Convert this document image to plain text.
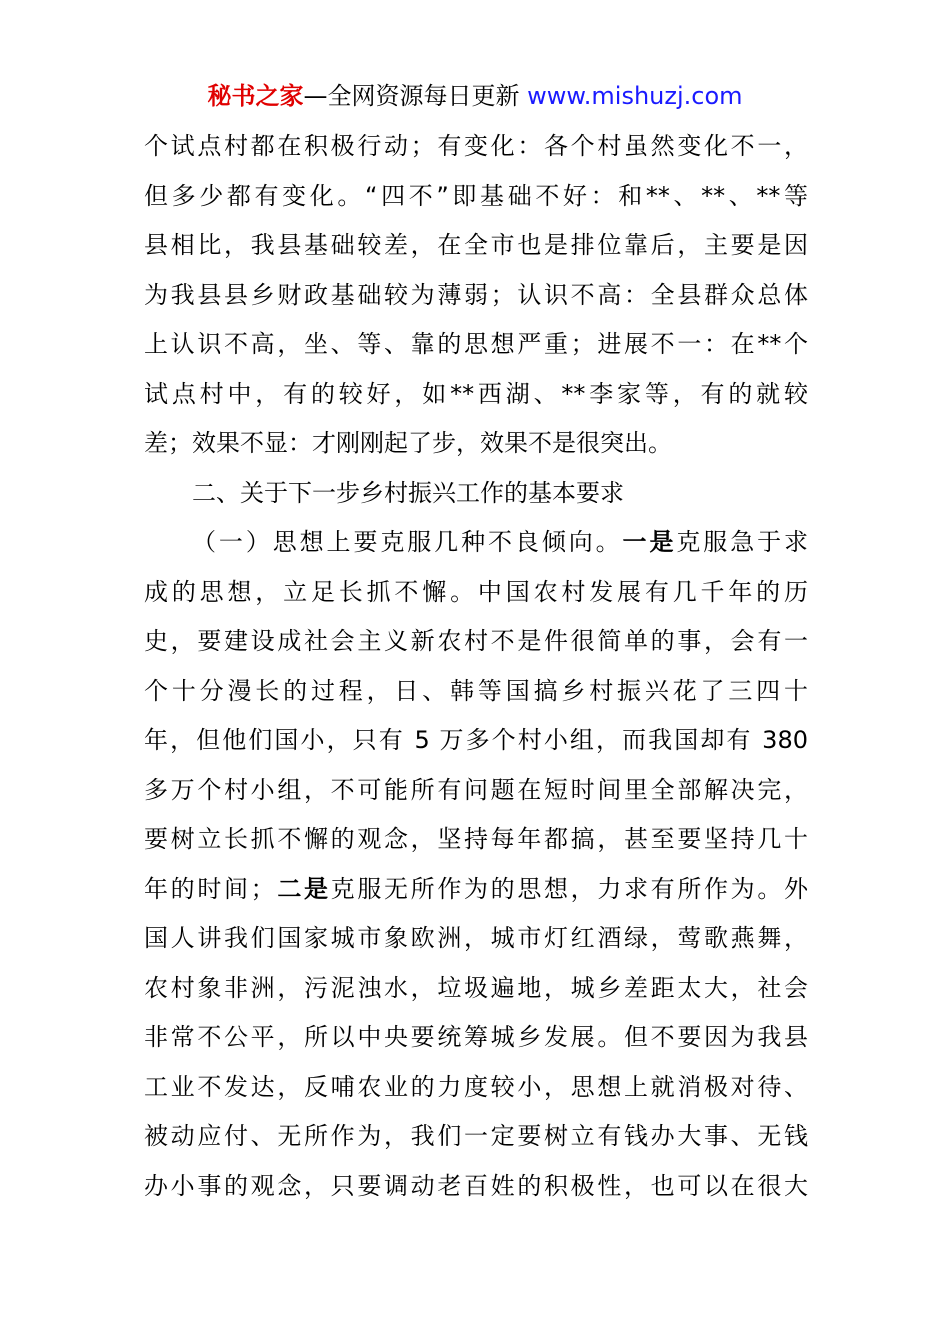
秘书之家—全网资源每日更新 www.mishuzj.com
个试点村都在积极行动；有变化：各个村虽然变化不一，
但多少都有变化。“四不”即基础不好：和**、**、**等
县相比，我县基础较差，在全市也是排位靠后，主要是因
为我县县乡财政基础较为薄弱；认识不高：全县群众总体
上认识不高，坐、等、靠的思想严重；进展不一：在**个
试点村中，有的较好，如**西湖、**李家等，有的就较
差；效果不显：才刚刚起了步，效果不是很突出。
二、关于下一步乡村振兴工作的基本要求
（一）思想上要克服几种不良倾向。一是克服急于求
成的思想，立足长抓不懈。中国农村发展有几千年的历
史，要建设成社会主义新农村不是件很简单的事，会有一
个十分漫长的过程，日、韩等国搞乡村振兴花了三四十
年，但他们国小，只有 5 万多个村小组，而我国却有 380
多万个村小组，不可能所有问题在短时间里全部解决完，
要树立长抓不懈的观念，坚持每年都搞，甚至要坚持几十
年的时间；二是克服无所作为的思想，力求有所作为。外
国人讲我们国家城市象欧洲，城市灯红酒绿，莺歌燕舞，
农村象非洲，污泥浊水，垃圾遍地，城乡差距太大，社会
非常不公平，所以中央要统筹城乡发展。但不要因为我县
工业不发达，反哺农业的力度较小，思想上就消极对待、
被动应付、无所作为，我们一定要树立有钱办大事、无钱
办小事的观念，只要调动老百姓的积极性，也可以在很大
